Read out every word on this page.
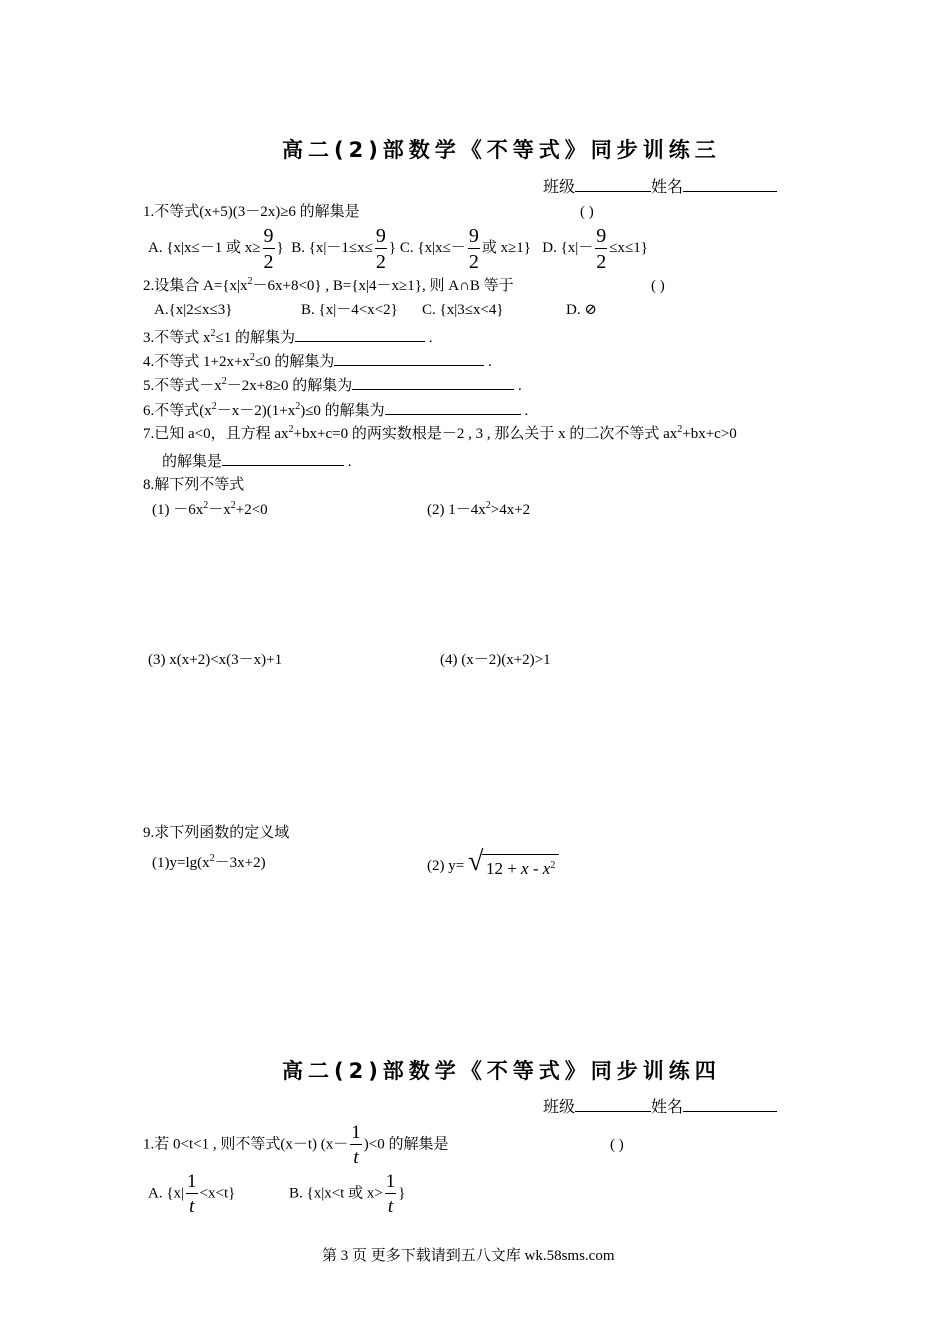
高二(2)部数学《不等式》同步训练三
班级	姓名
1.不等式(x+5)(3－2x)≥6 的解集是	( )
A. {x|x≤－1 或 $x\ge \frac{9}{2}$ } B. {$x|-1\le x\le \frac{9}{2}$ } C. {$x|x\le- \frac{9}{2}$ 或 x≥1} D. $\{x|- \frac{9}{2} \le x\le 1\}$
2.设集合 $A=\{x|x^2-6x+8<0\}$ , B={x|4－x≥1}, 则 A∩B 等于	( )
A.{x|2≤x≤3}	B. {x|－4<x<2} C. {x|3≤x<4}	D. ⊘
3.不等式 $x^2\le 1$ 的解集为	.
4.不等式 $1+2x+x^2\le 0$ 的解集为	.
5.不等式$-x^2-2x+8\ge 0$ 的解集为	.
6.不等式$(x^2-x-2)(1+x^2)\le 0$ 的解集为	.
7.已知 a<0，且方程 $ax^2+bx+c=0$ 的两实数根是－2 , 3 , 那么关于 x 的二次不等式 $ax^2+bx+c>0$
的解集是	.
8.解下列不等式
$(1) -6x^2-x^2+2<0$	(2) $1-4x^2>4x+2$
(3) x(x+2)<x(3－x)+1	(4) (x－2)(x+2)>1
9.求下列函数的定义域
$(1)y=\lg(x^2-3x+2)$	(2) y= √ $12 + x - x^2$
高二(2)部数学《不等式》同步训练四
班级	姓名
1.若 0<t<1 , 则不等式(x－t) $(x- \frac{1}{t} )<0$ 的解集是	( )
A. $\{x| \frac{1}{t} <x<t\}$	B. {x|x<t 或 $x> \frac{1}{t}$ }
第 3 页 更多下载请到五八文库 wk.58sms.com
